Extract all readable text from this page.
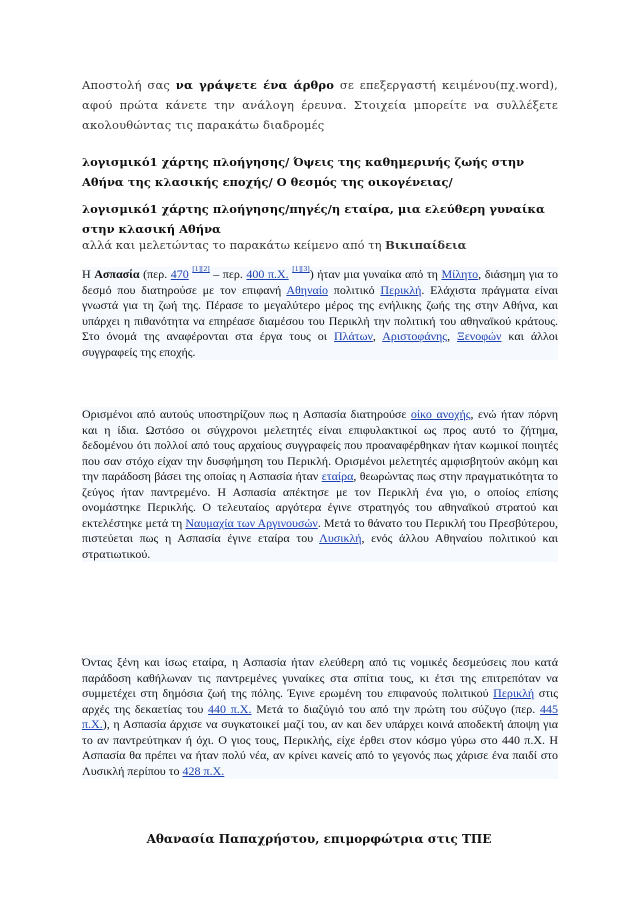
Αποστολή σας να γράψετε ένα άρθρο σε επεξεργαστή κειμένου(πχ.word), αφού πρώτα κάνετε την ανάλογη έρευνα. Στοιχεία μπορείτε να συλλέξετε ακολουθώντας τις παρακάτω διαδρομές
λογισμικό1 χάρτης πλοήγησης/ Όψεις της καθημερινής ζωής στην Αθήνα της κλασικής εποχής/ Ο θεσμός της οικογένειας/
λογισμικό1 χάρτης πλοήγησης/πηγές/η εταίρα, μια ελεύθερη γυναίκα στην κλασική Αθήνα
αλλά και μελετώντας το παρακάτω κείμενο από τη Βικιπαίδεια

Η Ασπασία (περ. 470 [1][2] – περ. 400 π.Χ. [1][3]) ήταν μια γυναίκα από τη Μίλητο, διάσημη για το δεσμό που διατηρούσε με τον επιφανή Αθηναίο πολιτικό Περικλή. Ελάχιστα πράγματα είναι γνωστά για τη ζωή της. Πέρασε το μεγαλύτερο μέρος της ενήλικης ζωής της στην Αθήνα, και υπάρχει η πιθανότητα να επηρέασε διαμέσου του Περικλή την πολιτική του αθηναϊκού κράτους. Στο όνομά της αναφέρονται στα έργα τους οι Πλάτων, Αριστοφάνης, Ξενοφών και άλλοι συγγραφείς της εποχής.

Ορισμένοι από αυτούς υποστηρίζουν πως η Ασπασία διατηρούσε οίκο ανοχής, ενώ ήταν πόρνη και η ίδια. Ωστόσο οι σύγχρονοι μελετητές είναι επιφυλακτικοί ως προς αυτό το ζήτημα, δεδομένου ότι πολλοί από τους αρχαίους συγγραφείς που προαναφέρθηκαν ήταν κωμικοί ποιητές που σαν στόχο είχαν την δυσφήμηση του Περικλή. Ορισμένοι μελετητές αμφισβητούν ακόμη και την παράδοση βάσει της οποίας η Ασπασία ήταν εταίρα, θεωρώντας πως στην πραγματικότητα το ζεύγος ήταν παντρεμένο. Η Ασπασία απέκτησε με τον Περικλή ένα γιο, ο οποίος επίσης ονομάστηκε Περικλής. Ο τελευταίος αργότερα έγινε στρατηγός του αθηναϊκού στρατού και εκτελέστηκε μετά τη Ναυμαχία των Αργινουσών. Μετά το θάνατο του Περικλή του Πρεσβύτερου, πιστεύεται πως η Ασπασία έγινε εταίρα του Λυσικλή, ενός άλλου Αθηναίου πολιτικού και στρατιωτικού.

Όντας ξένη και ίσως εταίρα, η Ασπασία ήταν ελεύθερη από τις νομικές δεσμεύσεις που κατά παράδοση καθήλωναν τις παντρεμένες γυναίκες στα σπίτια τους, κι έτσι της επιτρεπόταν να συμμετέχει στη δημόσια ζωή της πόλης. Έγινε ερωμένη του επιφανούς πολιτικού Περικλή στις αρχές της δεκαετίας του 440 π.Χ. Μετά το διαζύγιό του από την πρώτη του σύζυγο (περ. 445 π.Χ.), η Ασπασία άρχισε να συγκατοικεί μαζί του, αν και δεν υπάρχει κοινά αποδεκτή άποψη για το αν παντρεύτηκαν ή όχι. Ο γιος τους, Περικλής, είχε έρθει στον κόσμο γύρω στο 440 π.Χ. Η Ασπασία θα πρέπει να ήταν πολύ νέα, αν κρίνει κανείς από το γεγονός πως χάρισε ένα παιδί στο Λυσικλή περίπου το 428 π.Χ.

Αθανασία Παπαχρήστου, επιμορφώτρια στις ΤΠΕ
